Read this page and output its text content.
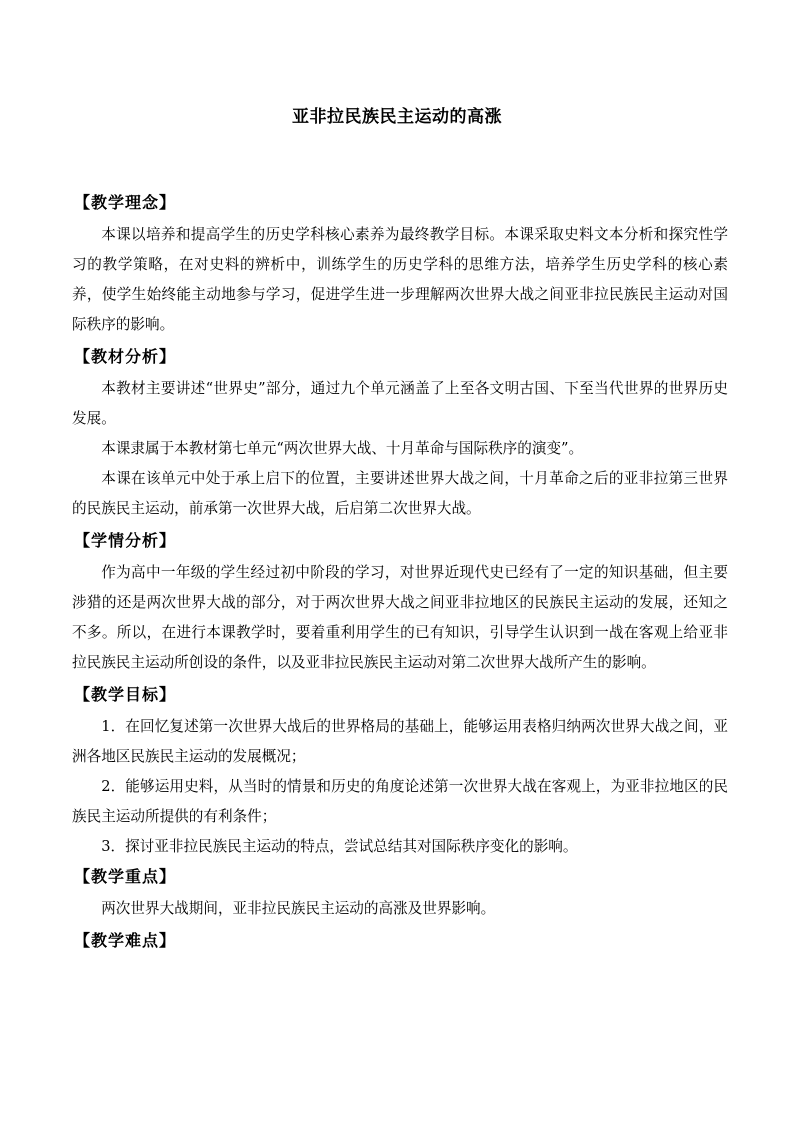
亚非拉民族民主运动的高涨
【教学理念】

本课以培养和提高学生的历史学科核心素养为最终教学目标。本课采取史料文本分析和探究性学习的教学策略，在对史料的辨析中，训练学生的历史学科的思维方法，培养学生历史学科的核心素养，使学生始终能主动地参与学习，促进学生进一步理解两次世界大战之间亚非拉民族民主运动对国际秩序的影响。

【教材分析】

本教材主要讲述“世界史”部分，通过九个单元涵盖了上至各文明古国、下至当代世界的世界历史发展。

本课隶属于本教材第七单元“两次世界大战、十月革命与国际秩序的演变”。

本课在该单元中处于承上启下的位置，主要讲述世界大战之间，十月革命之后的亚非拉第三世界的民族民主运动，前承第一次世界大战，后启第二次世界大战。

【学情分析】

作为高中一年级的学生经过初中阶段的学习，对世界近现代史已经有了一定的知识基础，但主要涉猎的还是两次世界大战的部分，对于两次世界大战之间亚非拉地区的民族民主运动的发展，还知之不多。所以，在进行本课教学时，要着重利用学生的已有知识，引导学生认识到一战在客观上给亚非拉民族民主运动所创设的条件，以及亚非拉民族民主运动对第二次世界大战所产生的影响。

【教学目标】

1．在回忆复述第一次世界大战后的世界格局的基础上，能够运用表格归纳两次世界大战之间，亚洲各地区民族民主运动的发展概况；

2．能够运用史料，从当时的情景和历史的角度论述第一次世界大战在客观上，为亚非拉地区的民族民主运动所提供的有利条件；

3．探讨亚非拉民族民主运动的特点，尝试总结其对国际秩序变化的影响。

【教学重点】

两次世界大战期间，亚非拉民族民主运动的高涨及世界影响。

【教学难点】
